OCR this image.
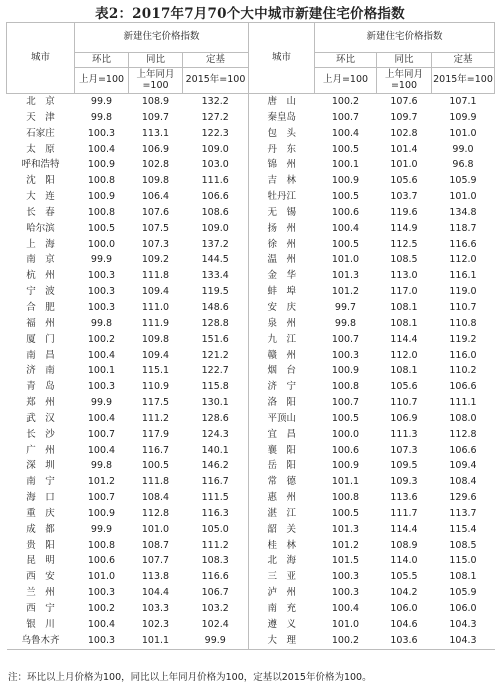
表2：2017年7月70个大中城市新建住宅价格指数
城市	新建住宅价格指数			城市	新建住宅价格指数		
	环比	同比	定基		环比	同比	定基
	上月=100	上年同月=100	2015年=100		上月=100	上年同月=100	2015年=100
北　京	99.9	108.9	132.2	唐　山	100.2	107.6	107.1
天　津	99.8	109.7	127.2	秦皇岛	100.7	109.7	109.9
石家庄	100.3	113.1	122.3	包　头	100.4	102.8	101.0
太　原	100.4	106.9	109.0	丹　东	100.5	101.4	99.0
呼和浩特	100.9	102.8	103.0	锦　州	100.1	101.0	96.8
沈　阳	100.8	109.8	111.6	吉　林	100.9	105.6	105.9
大　连	100.9	106.4	106.6	牡丹江	100.5	103.7	101.0
长　春	100.8	107.6	108.6	无　锡	100.6	119.6	134.8
哈尔滨	100.5	107.5	109.0	扬　州	100.4	114.9	118.7
上　海	100.0	107.3	137.2	徐　州	100.5	112.5	116.6
南　京	99.9	109.2	144.5	温　州	101.0	108.5	112.0
杭　州	100.3	111.8	133.4	金　华	101.3	113.0	116.1
宁　波	100.3	109.4	119.5	蚌　埠	101.2	117.0	119.0
合　肥	100.3	111.0	148.6	安　庆	99.7	108.1	110.7
福　州	99.8	111.9	128.8	泉　州	99.8	108.1	110.8
厦　门	100.2	109.8	151.6	九　江	100.7	114.4	119.2
南　昌	100.4	109.4	121.2	赣　州	100.3	112.0	116.0
济　南	100.1	115.1	122.7	烟　台	100.9	108.1	110.2
青　岛	100.3	110.9	115.8	济　宁	100.8	105.6	106.6
郑　州	99.9	117.5	130.1	洛　阳	100.7	110.7	111.1
武　汉	100.4	111.2	128.6	平顶山	100.5	106.9	108.0
长　沙	100.7	117.9	124.3	宜　昌	100.0	111.3	112.8
广　州	100.4	116.7	140.1	襄　阳	100.6	107.3	106.6
深　圳	99.8	100.5	146.2	岳　阳	100.9	109.5	109.4
南　宁	101.2	111.8	116.7	常　德	101.1	109.3	108.4
海　口	100.7	108.4	111.5	惠　州	100.8	113.6	129.6
重　庆	100.9	112.8	116.3	湛　江	100.5	111.7	113.7
成　都	99.9	101.0	105.0	韶　关	101.3	114.4	115.4
贵　阳	100.8	108.7	111.2	桂　林	101.2	108.9	108.5
昆　明	100.6	107.7	108.3	北　海	101.5	114.0	115.0
西　安	101.0	113.8	116.6	三　亚	100.3	105.5	108.1
兰　州	100.3	104.4	106.7	泸　州	100.3	104.2	105.9
西　宁	100.2	103.3	103.2	南　充	100.4	106.0	106.0
银　川	100.4	102.3	102.4	遵　义	101.0	104.6	104.3
乌鲁木齐	100.3	101.1	99.9	大　理	100.2	103.6	104.3
注：环比以上月价格为100，同比以上年同月价格为100，定基以2015年价格为100。
